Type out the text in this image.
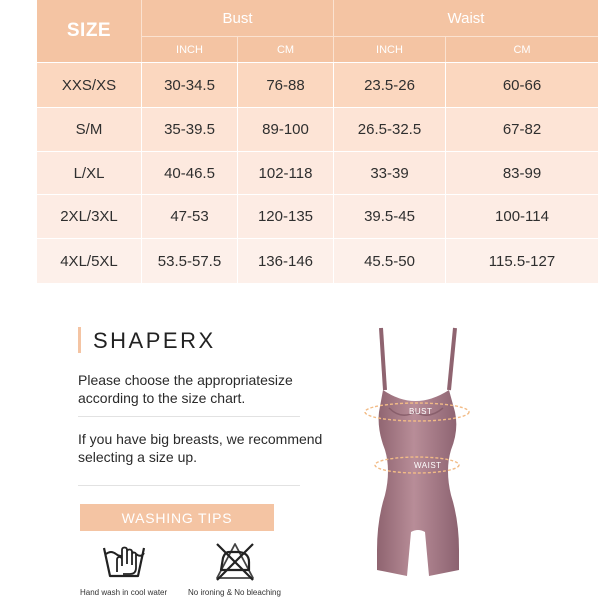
SIZE
Bust	Waist
INCH	CM	INCH	CM
XXS/XS	30-34.5	76-88	23.5-26	60-66
S/M	35-39.5	89-100	26.5-32.5	67-82
L/XL	40-46.5	102-118	33-39	83-99
2XL/3XL	47-53	120-135	39.5-45	100-114
4XL/5XL	53.5-57.5	136-146	45.5-50	115.5-127
SHAPERX
Please choose the appropriatesize according to the size chart.
If you have big breasts, we recommend selecting a size up.
WASHING TIPS
Hand wash in cool water	No ironing & No bleaching
BUST
WAIST
